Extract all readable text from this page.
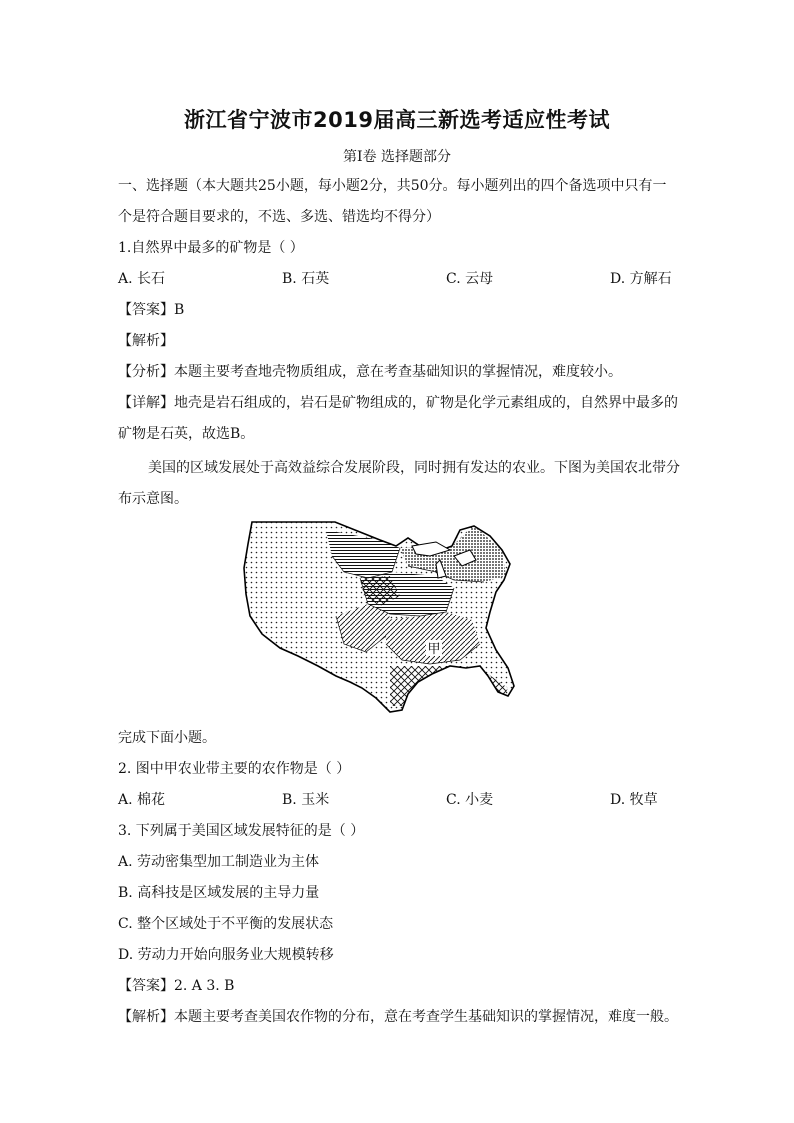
浙江省宁波市2019届高三新选考适应性考试
第Ⅰ卷 选择题部分
一、选择题（本大题共25小题，每小题2分，共50分。每小题列出的四个备选项中只有一
个是符合题目要求的，不选、多选、错选均不得分）
1.自然界中最多的矿物是（ ）
A. 长石	B. 石英	C. 云母	D. 方解石
【答案】B
【解析】
【分析】本题主要考查地壳物质组成，意在考查基础知识的掌握情况，难度较小。
【详解】地壳是岩石组成的，岩石是矿物组成的，矿物是化学元素组成的，自然界中最多的
矿物是石英，故选B。
美国的区域发展处于高效益综合发展阶段，同时拥有发达的农业。下图为美国农北带分
布示意图。
甲
完成下面小题。
2. 图中甲农业带主要的农作物是（ ）
A. 棉花	B. 玉米	C. 小麦	D. 牧草
3. 下列属于美国区域发展特征的是（ ）
A. 劳动密集型加工制造业为主体
B. 高科技是区域发展的主导力量
C. 整个区域处于不平衡的发展状态
D. 劳动力开始向服务业大规模转移
【答案】2. A 3. B
【解析】本题主要考查美国农作物的分布，意在考查学生基础知识的掌握情况，难度一般。
